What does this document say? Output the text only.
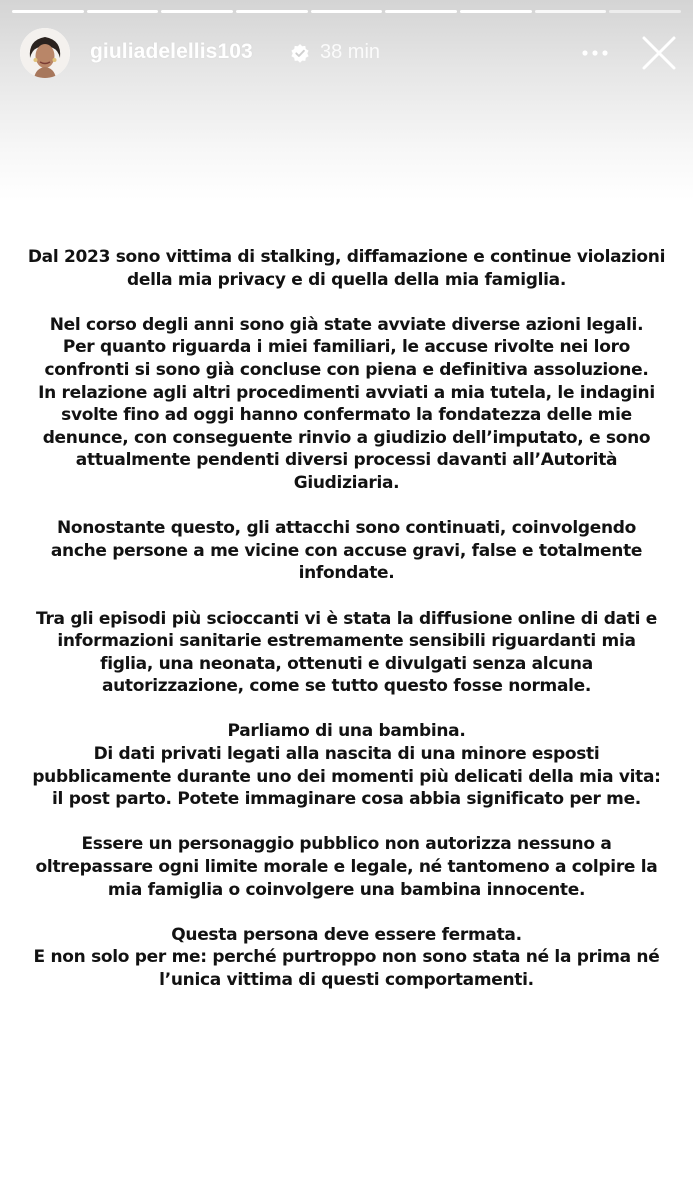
giuliadelellis103	38 min
Dal 2023 sono vittima di stalking, diffamazione e continue violazioni
della mia privacy e di quella della mia famiglia.
Nel corso degli anni sono già state avviate diverse azioni legali.
Per quanto riguarda i miei familiari, le accuse rivolte nei loro
confronti si sono già concluse con piena e definitiva assoluzione.
In relazione agli altri procedimenti avviati a mia tutela, le indagini
svolte fino ad oggi hanno confermato la fondatezza delle mie
denunce, con conseguente rinvio a giudizio dell’imputato, e sono
attualmente pendenti diversi processi davanti all’Autorità
Giudiziaria.
Nonostante questo, gli attacchi sono continuati, coinvolgendo
anche persone a me vicine con accuse gravi, false e totalmente
infondate.
Tra gli episodi più scioccanti vi è stata la diffusione online di dati e
informazioni sanitarie estremamente sensibili riguardanti mia
figlia, una neonata, ottenuti e divulgati senza alcuna
autorizzazione, come se tutto questo fosse normale.
Parliamo di una bambina.
Di dati privati legati alla nascita di una minore esposti
pubblicamente durante uno dei momenti più delicati della mia vita:
il post parto. Potete immaginare cosa abbia significato per me.
Essere un personaggio pubblico non autorizza nessuno a
oltrepassare ogni limite morale e legale, né tantomeno a colpire la
mia famiglia o coinvolgere una bambina innocente.
Questa persona deve essere fermata.
E non solo per me: perché purtroppo non sono stata né la prima né
l’unica vittima di questi comportamenti.
